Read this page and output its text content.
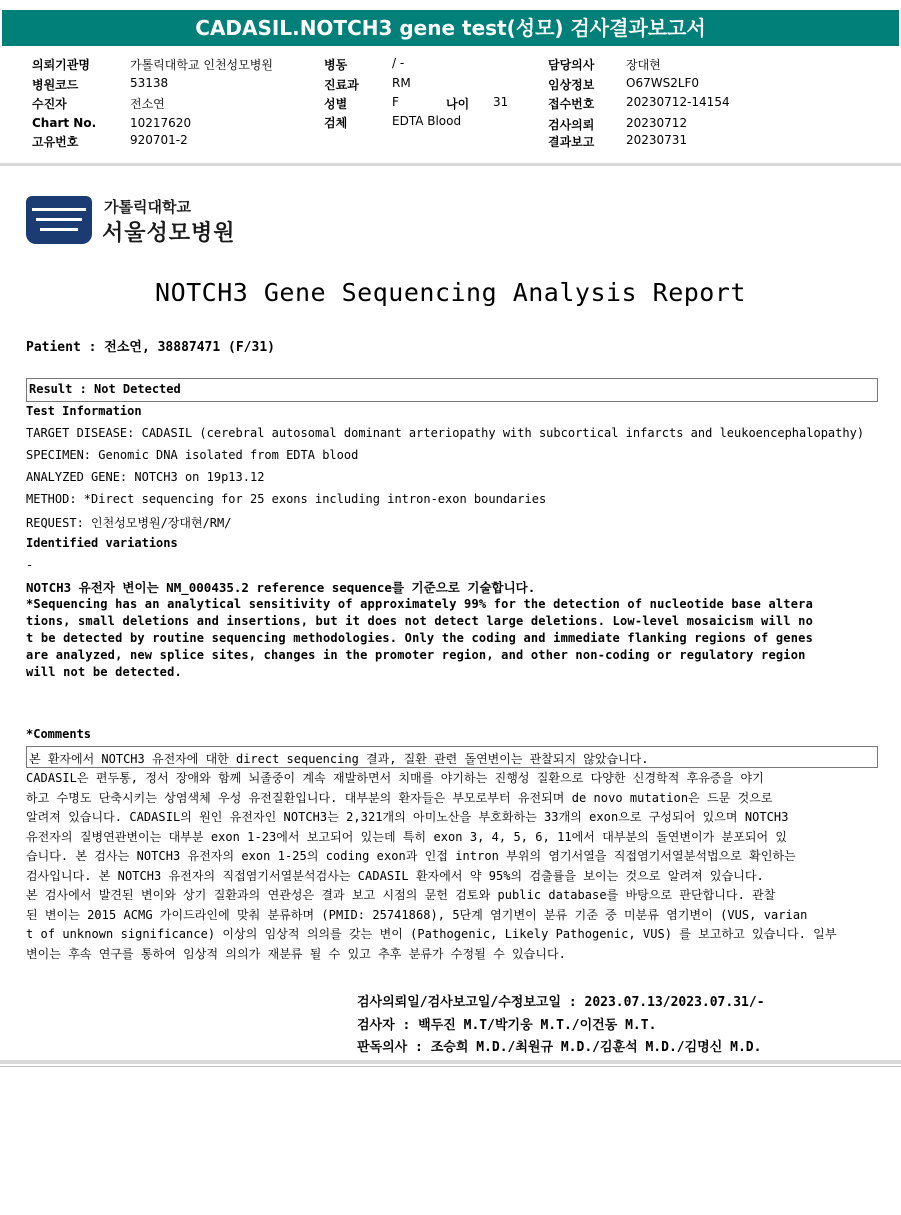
CADASIL.NOTCH3 gene test(성모) 검사결과보고서
의뢰기관명	가톨릭대학교 인천성모병원
병원코드	53138
수진자	전소연
Chart No.	10217620
고유번호	920701-2
병동	/ -
진료과	RM
성별	F	나이 31
검체	EDTA Blood
담당의사	장대현
임상정보	O67WS2LF0
접수번호	20230712-14154
검사의뢰	20230712
결과보고	20230731
가톨릭대학교
서울성모병원
NOTCH3 Gene Sequencing Analysis Report
Patient : 전소연, 38887471 (F/31)
Result : Not Detected
Test Information
TARGET DISEASE: CADASIL (cerebral autosomal dominant arteriopathy with subcortical infarcts and leukoencephalopathy)
SPECIMEN: Genomic DNA isolated from EDTA blood
ANALYZED GENE: NOTCH3 on 19p13.12
METHOD: *Direct sequencing for 25 exons including intron-exon boundaries
REQUEST: 인천성모병원/장대현/RM/
Identified variations
-
NOTCH3 유전자 변이는 NM_000435.2 reference sequence를 기준으로 기술합니다.
*Sequencing has an analytical sensitivity of approximately 99% for the detection of nucleotide base altera
tions, small deletions and insertions, but it does not detect large deletions. Low-level mosaicism will no
t be detected by routine sequencing methodologies. Only the coding and immediate flanking regions of genes
are analyzed, new splice sites, changes in the promoter region, and other non-coding or regulatory region
will not be detected.
*Comments
본 환자에서 NOTCH3 유전자에 대한 direct sequencing 결과, 질환 관련 돌연변이는 관찰되지 않았습니다.
CADASIL은 편두통, 정서 장애와 함께 뇌졸중이 계속 재발하면서 치매를 야기하는 진행성 질환으로 다양한 신경학적 후유증을 야기
하고 수명도 단축시키는 상염색체 우성 유전질환입니다. 대부분의 환자들은 부모로부터 유전되며 de novo mutation은 드문 것으로
알려져 있습니다. CADASIL의 원인 유전자인 NOTCH3는 2,321개의 아미노산을 부호화하는 33개의 exon으로 구성되어 있으며 NOTCH3
유전자의 질병연관변이는 대부분 exon 1-23에서 보고되어 있는데 특히 exon 3, 4, 5, 6, 11에서 대부분의 돌연변이가 분포되어 있
습니다. 본 검사는 NOTCH3 유전자의 exon 1-25의 coding exon과 인접 intron 부위의 염기서열을 직접염기서열분석법으로 확인하는
검사입니다. 본 NOTCH3 유전자의 직접염기서열분석검사는 CADASIL 환자에서 약 95%의 검출률을 보이는 것으로 알려져 있습니다.
본 검사에서 발견된 변이와 상기 질환과의 연관성은 결과 보고 시점의 문헌 검토와 public database를 바탕으로 판단합니다. 관찰
된 변이는 2015 ACMG 가이드라인에 맞춰 분류하며 (PMID: 25741868), 5단계 염기변이 분류 기준 중 미분류 염기변이 (VUS, varian
t of unknown significance) 이상의 임상적 의의를 갖는 변이 (Pathogenic, Likely Pathogenic, VUS) 를 보고하고 있습니다. 일부
변이는 후속 연구를 통하여 임상적 의의가 재분류 될 수 있고 추후 분류가 수정될 수 있습니다.
검사의뢰일/검사보고일/수정보고일 : 2023.07.13/2023.07.31/-
검사자 : 백두진 M.T/박기웅 M.T./이건동 M.T.
판독의사 : 조승희 M.D./최원규 M.D./김훈석 M.D./김명신 M.D.
